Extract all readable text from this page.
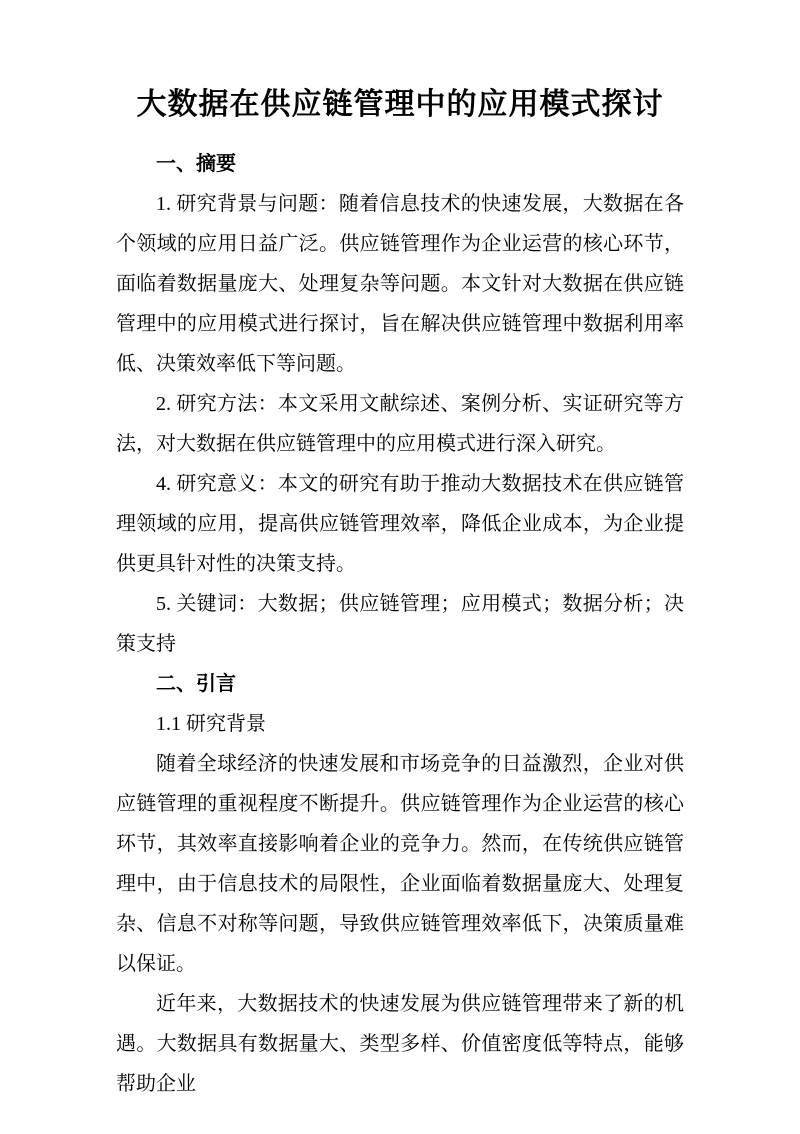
大数据在供应链管理中的应用模式探讨
一、摘要

1. 研究背景与问题：随着信息技术的快速发展，大数据在各个领域的应用日益广泛。供应链管理作为企业运营的核心环节，面临着数据量庞大、处理复杂等问题。本文针对大数据在供应链管理中的应用模式进行探讨，旨在解决供应链管理中数据利用率低、决策效率低下等问题。

2. 研究方法：本文采用文献综述、案例分析、实证研究等方法，对大数据在供应链管理中的应用模式进行深入研究。

4. 研究意义：本文的研究有助于推动大数据技术在供应链管理领域的应用，提高供应链管理效率，降低企业成本，为企业提供更具针对性的决策支持。

5. 关键词：大数据；供应链管理；应用模式；数据分析；决策支持

二、引言
1.1 研究背景

随着全球经济的快速发展和市场竞争的日益激烈，企业对供应链管理的重视程度不断提升。供应链管理作为企业运营的核心环节，其效率直接影响着企业的竞争力。然而，在传统供应链管理中，由于信息技术的局限性，企业面临着数据量庞大、处理复杂、信息不对称等问题，导致供应链管理效率低下，决策质量难以保证。

近年来，大数据技术的快速发展为供应链管理带来了新的机遇。大数据具有数据量大、类型多样、价值密度低等特点，能够帮助企业
